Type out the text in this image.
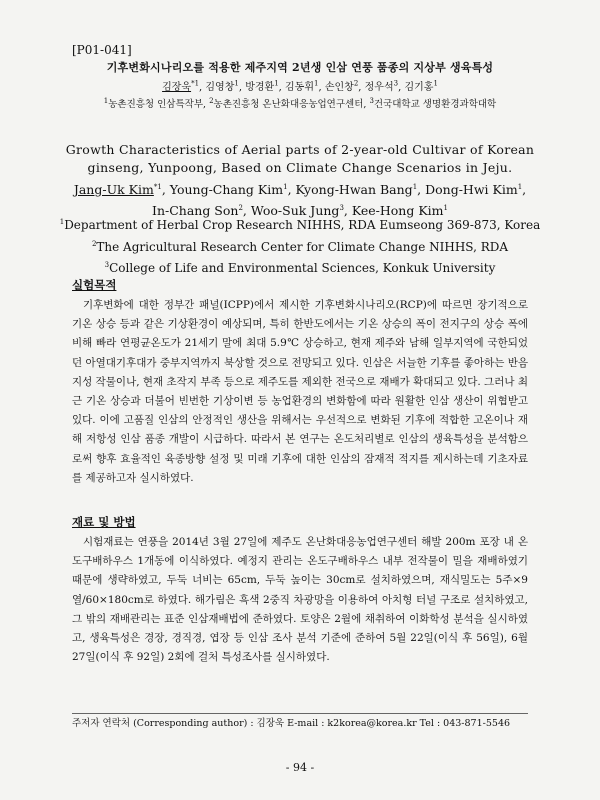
[P01-041]
기후변화시나리오를 적용한 제주지역 2년생 인삼 연풍 품종의 지상부 생육특성
김장욱$^{*1}$, 김영창$^1$, 방경환$^1$, 김동휘$^1$, 손인창$^2$, 정우석$^3$, 김기홍$^1$
$^1$농촌진흥청 인삼특작부, $^2$농촌진흥청 온난화대응농업연구센터, $^3$건국대학교 생명환경과학대학
Growth Characteristics of Aerial parts of 2-year-old Cultivar of Korean
ginseng, Yunpoong, Based on Climate Change Scenarios in Jeju.
Jang-Uk Kim$^{*1}$, Young-Chang Kim$^1$, Kyong-Hwan Bang$^1$, Dong-Hwi Kim$^1$,
In-Chang Son$^2$, Woo-Suk Jung$^3$, Kee-Hong Kim$^1$
$^1$Department of Herbal Crop Research NIHHS, RDA Eumseong 369-873, Korea
$^2$The Agricultural Research Center for Climate Change NIHHS, RDA
$^3$College of Life and Environmental Sciences, Konkuk University
실험목적
기후변화에 대한 정부간 패널(ICPP)에서 제시한 기후변화시나리오(RCP)에 따르면 장기적으로 기온 상승 등과 같은 기상환경이 예상되며, 특히 한반도에서는 기온 상승의 폭이 전지구의 상승 폭에 비해 빠라 연평균온도가 21세기 말에 최대 5.9℃ 상승하고, 현재 제주와 남해 일부지역에 국한되었던 아열대기후대가 중부지역까지 북상할 것으로 전망되고 있다. 인삼은 서늘한 기후를 좋아하는 반음지성 작물이나, 현재 초작지 부족 등으로 제주도를 제외한 전국으로 재배가 확대되고 있다. 그러나 최근 기온 상승과 더불어 빈번한 기상이변 등 농업환경의 변화함에 따라 원활한 인삼 생산이 위협받고 있다. 이에 고품질 인삼의 안정적인 생산을 위해서는 우선적으로 변화된 기후에 적합한 고온이나 재해 저항성 인삼 품종 개발이 시급하다. 따라서 본 연구는 온도처리별로 인삼의 생육특성을 분석함으로써 향후 효율적인 육종방향 설정 및 미래 기후에 대한 인삼의 잠재적 적지를 제시하는데 기초자료를 제공하고자 실시하였다.
재료 및 방법
시험재료는 연풍을 2014년 3월 27일에 제주도 온난화대응농업연구센터 해발 200m 포장 내 온도구배하우스 1개동에 이식하였다. 예정지 관리는 온도구배하우스 내부 전작물이 밀을 재배하였기 때문에 생략하였고, 두둑 너비는 65cm, 두둑 높이는 30cm로 설치하였으며, 재식밀도는 5주×9열/60×180cm로 하였다. 해가림은 흑색 2중직 차광망을 이용하여 아치형 터널 구조로 설치하였고, 그 밖의 재배관리는 표준 인삼재배법에 준하였다. 토양은 2월에 채취하여 이화학성 분석을 실시하였고, 생육특성은 경장, 경직경, 엽장 등 인삼 조사 분석 기준에 준하여 5월 22일(이식 후 56일), 6월 27일(이식 후 92일) 2회에 걸처 특성조사를 실시하였다.
주저자 연락처 (Corresponding author) : 김장욱 E-mail : k2korea@korea.kr Tel : 043-871-5546
- 94 -
